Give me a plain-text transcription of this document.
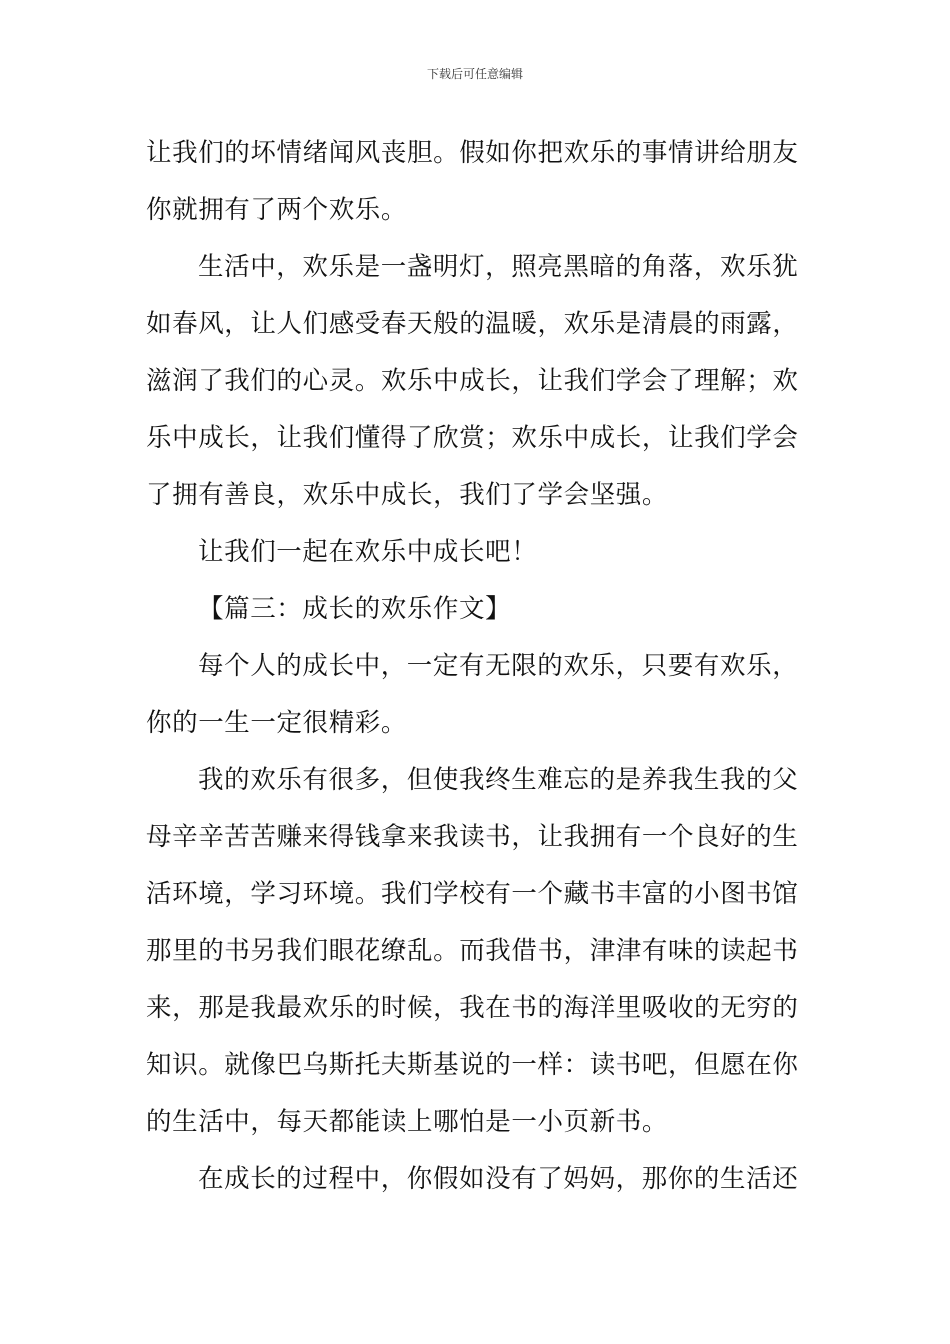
下载后可任意编辑
让我们的坏情绪闻风丧胆。假如你把欢乐的事情讲给朋友
你就拥有了两个欢乐。
生活中，欢乐是一盏明灯，照亮黑暗的角落，欢乐犹
如春风，让人们感受春天般的温暖，欢乐是清晨的雨露，
滋润了我们的心灵。欢乐中成长，让我们学会了理解；欢
乐中成长，让我们懂得了欣赏；欢乐中成长，让我们学会
了拥有善良，欢乐中成长，我们了学会坚强。
让我们一起在欢乐中成长吧！
【篇三：成长的欢乐作文】
每个人的成长中，一定有无限的欢乐，只要有欢乐，
你的一生一定很精彩。
我的欢乐有很多，但使我终生难忘的是养我生我的父
母辛辛苦苦赚来得钱拿来我读书，让我拥有一个良好的生
活环境，学习环境。我们学校有一个藏书丰富的小图书馆
那里的书另我们眼花缭乱。而我借书，津津有味的读起书
来，那是我最欢乐的时候，我在书的海洋里吸收的无穷的
知识。就像巴乌斯托夫斯基说的一样：读书吧，但愿在你
的生活中，每天都能读上哪怕是一小页新书。
在成长的过程中，你假如没有了妈妈，那你的生活还
